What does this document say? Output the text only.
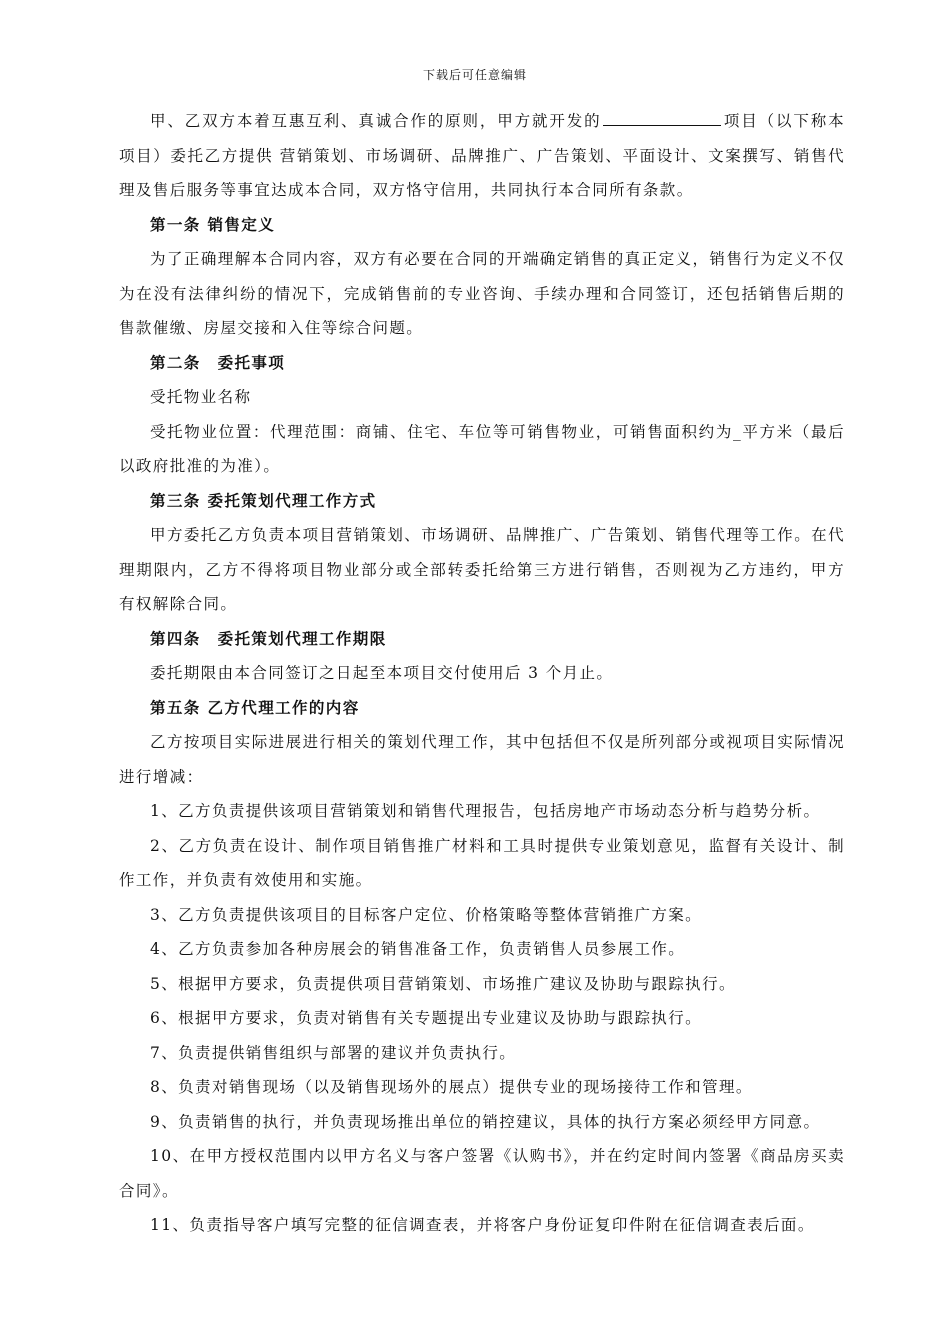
下载后可任意编辑

甲、乙双方本着互惠互利、真诚合作的原则，甲方就开发的	项目（以下称本项目）委托乙方提供 营销策划、市场调研、品牌推广、广告策划、平面设计、文案撰写、销售代理及售后服务等事宜达成本合同，双方恪守信用，共同执行本合同所有条款。

第一条 销售定义

为了正确理解本合同内容，双方有必要在合同的开端确定销售的真正定义，销售行为定义不仅为在没有法律纠纷的情况下，完成销售前的专业咨询、手续办理和合同签订，还包括销售后期的售款催缴、房屋交接和入住等综合问题。

第二条　委托事项

受托物业名称

受托物业位置：代理范围：商铺、住宅、车位等可销售物业，可销售面积约为_平方米（最后以政府批准的为准）。

第三条 委托策划代理工作方式

甲方委托乙方负责本项目营销策划、市场调研、品牌推广、广告策划、销售代理等工作。在代理期限内，乙方不得将项目物业部分或全部转委托给第三方进行销售，否则视为乙方违约，甲方有权解除合同。

第四条　委托策划代理工作期限

委托期限由本合同签订之日起至本项目交付使用后 3 个月止。

第五条 乙方代理工作的内容

乙方按项目实际进展进行相关的策划代理工作，其中包括但不仅是所列部分或视项目实际情况进行增减：

1、乙方负责提供该项目营销策划和销售代理报告，包括房地产市场动态分析与趋势分析。

2、乙方负责在设计、制作项目销售推广材料和工具时提供专业策划意见，监督有关设计、制作工作，并负责有效使用和实施。

3、乙方负责提供该项目的目标客户定位、价格策略等整体营销推广方案。

4、乙方负责参加各种房展会的销售准备工作，负责销售人员参展工作。

5、根据甲方要求，负责提供项目营销策划、市场推广建议及协助与跟踪执行。

6、根据甲方要求，负责对销售有关专题提出专业建议及协助与跟踪执行。

7、负责提供销售组织与部署的建议并负责执行。

8、负责对销售现场（以及销售现场外的展点）提供专业的现场接待工作和管理。

9、负责销售的执行，并负责现场推出单位的销控建议，具体的执行方案必须经甲方同意。

10、在甲方授权范围内以甲方名义与客户签署《认购书》，并在约定时间内签署《商品房买卖合同》。

11、负责指导客户填写完整的征信调查表，并将客户身份证复印件附在征信调查表后面。
